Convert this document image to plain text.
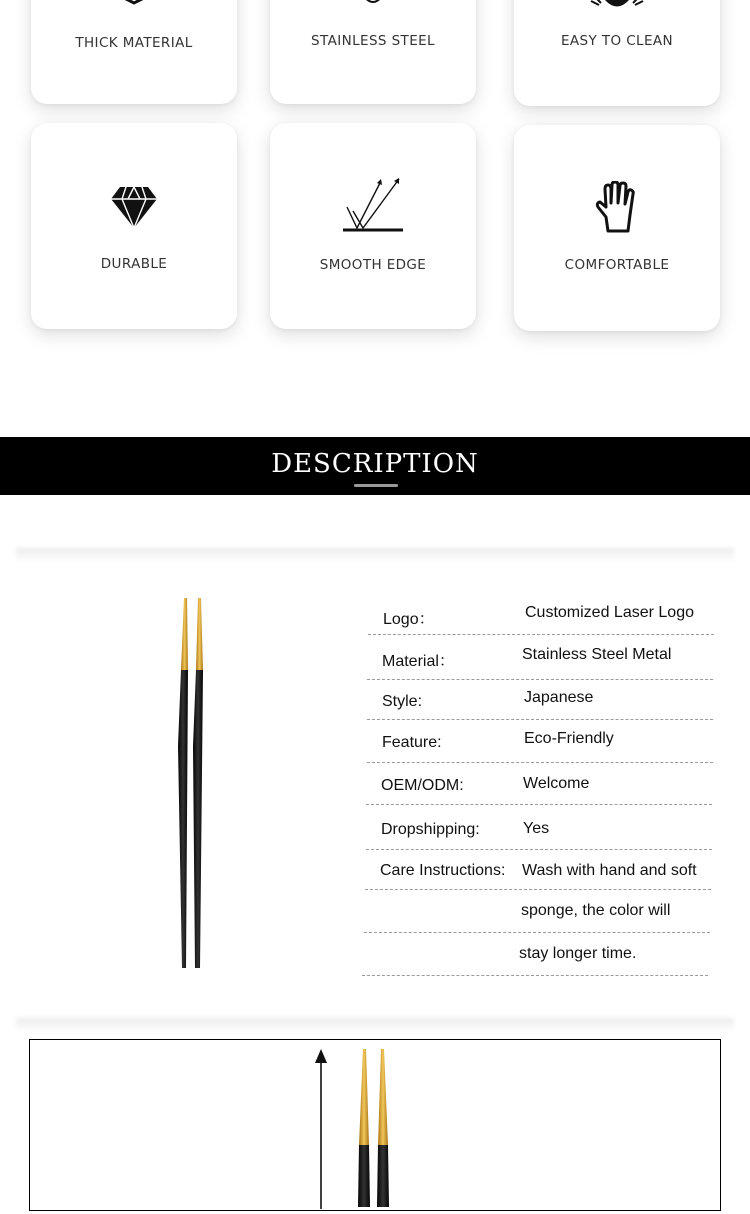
THICK MATERIAL	STAINLESS STEEL	EASY TO CLEAN
DURABLE	SMOOTH EDGE	COMFORTABLE
DESCRIPTION
Logo：	Customized Laser Logo
Material：	Stainless Steel Metal
Style:	Japanese
Feature:	Eco-Friendly
OEM/ODM:	Welcome
Dropshipping:	Yes
Care Instructions: Wash with hand and soft
sponge, the color will
stay longer time.
